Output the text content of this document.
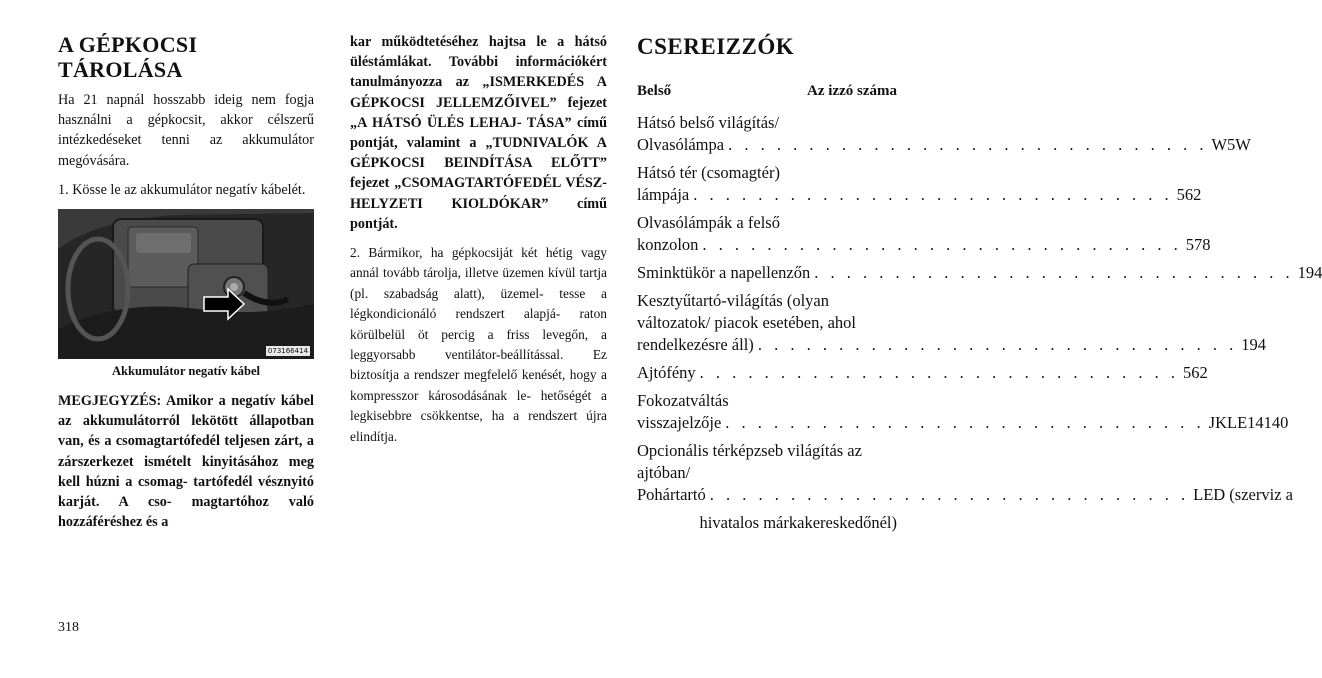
A GÉPKOCSI
TÁROLÁSA

Ha 21 napnál hosszabb ideig nem fogja használni a gépkocsit, akkor célszerű intézkedéseket tenni az akkumulátor megóvására.

1. Kösse le az akkumulátor negatív kábelét.

073166414
Akkumulátor negatív kábel

MEGJEGYZÉS: Amikor a negatív kábel az akkumulátorról lekötött állapotban van, és a csomagtartófedél teljesen zárt, a zárszerkezet ismételt kinyitásához meg kell húzni a csomag- tartófedél vésznyitó karját. A cso- magtartóhoz való hozzáféréshez és a

kar működtetéséhez hajtsa le a hátsó üléstámlákat. További információkért tanulmányozza az „ISMERKEDÉS A GÉPKOCSI JELLEMZŐIVEL” fejezet „A HÁTSÓ ÜLÉS LEHAJ- TÁSA” című pontját, valamint a „TUDNIVALÓK A GÉPKOCSI BEINDÍTÁSA ELŐTT” fejezet „CSOMAGTARTÓFEDÉL VÉSZ- HELYZETI KIOLDÓKAR” című pontját.

2. Bármikor, ha gépkocsiját két hétig vagy annál tovább tárolja, illetve üzemen kívül tartja (pl. szabadság alatt), üzemel- tesse a légkondicionáló rendszert alapjá- raton körülbelül öt percig a friss levegőn, a leggyorsabb ventilátor-beállítással. Ez biztosítja a rendszer megfelelő kenését, hogy a kompresszor károsodásának le- hetőségét a legkisebbre csökkentse, ha a rendszert újra elindítja.

CSEREIZZÓK
Belső	Az izzó száma
Hátsó belső világítás/
Olvasólámpa . . . . . . . . . . . . . . . . . . . . . . . . . . . . . . W5W
Hátsó tér (csomagtér)
lámpája . . . . . . . . . . . . . . . . . . . . . . . . . . . . . . 562
Olvasólámpák a felső
konzolon . . . . . . . . . . . . . . . . . . . . . . . . . . . . . . 578
Sminktükör a napellenzőn . . . . . . . . . . . . . . . . . . . . . . . . . . . . . . 194
Kesztyűtartó-világítás (olyan változatok/ piacok esetében, ahol
rendelkezésre áll) . . . . . . . . . . . . . . . . . . . . . . . . . . . . . . 194
Ajtófény . . . . . . . . . . . . . . . . . . . . . . . . . . . . . . 562
Fokozatváltás
visszajelzője . . . . . . . . . . . . . . . . . . . . . . . . . . . . . . JKLE14140
Opcionális térképzseb világítás az ajtóban/
Pohártartó . . . . . . . . . . . . . . . . . . . . . . . . . . . . . . LED (szerviz a
hivatalos márkakereskedőnél)
318
